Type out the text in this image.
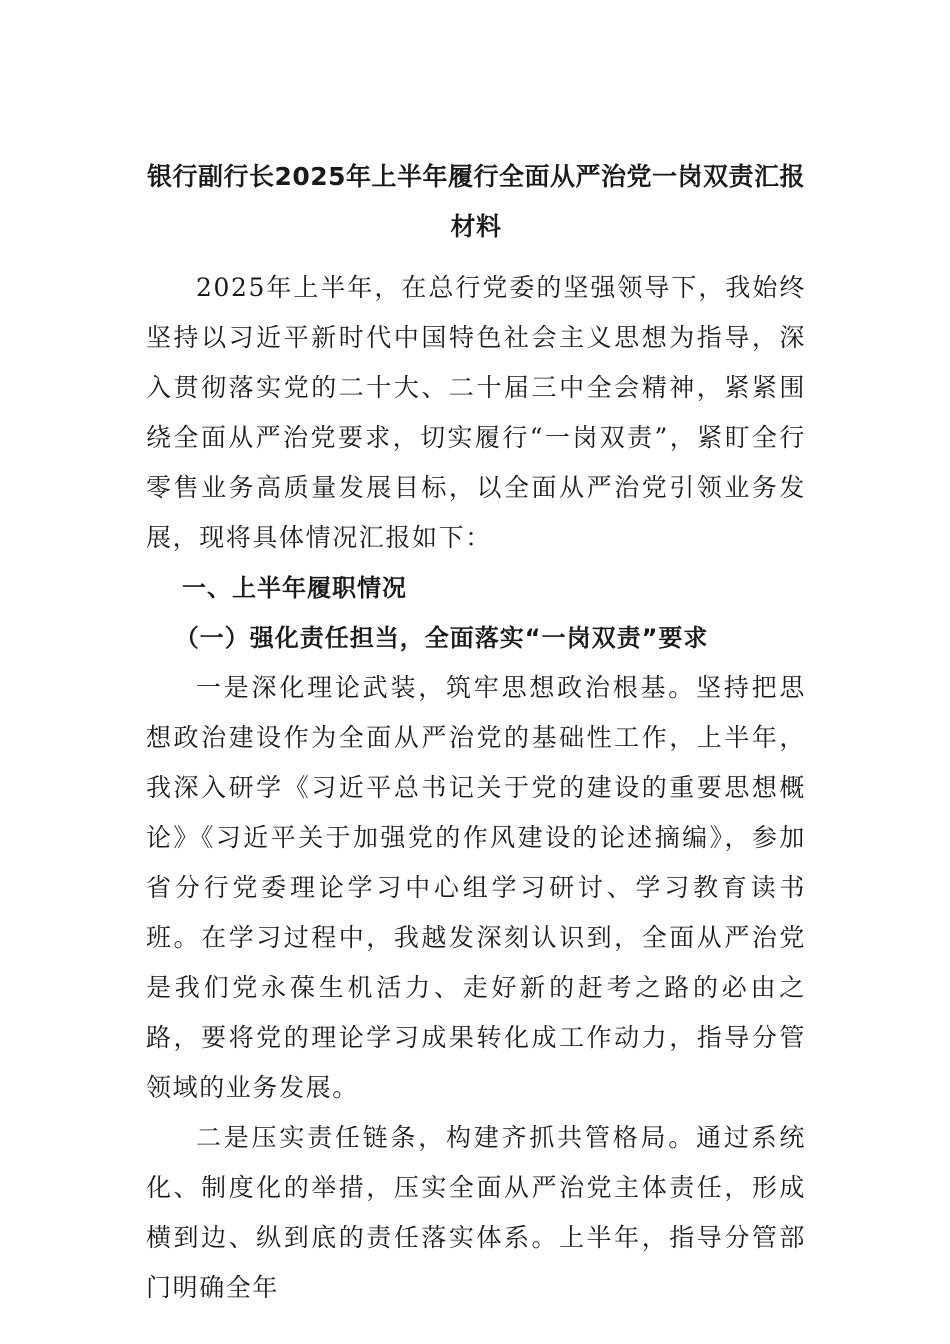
银行副行长2025年上半年履行全面从严治党一岗双责汇报
材料

2025年上半年，在总行党委的坚强领导下，我始终坚持以习近平新时代中国特色社会主义思想为指导，深入贯彻落实党的二十大、二十届三中全会精神，紧紧围绕全面从严治党要求，切实履行“一岗双责”，紧盯全行零售业务高质量发展目标，以全面从严治党引领业务发展，现将具体情况汇报如下：

一、上半年履职情况
（一）强化责任担当，全面落实“一岗双责”要求

一是深化理论武装，筑牢思想政治根基。坚持把思想政治建设作为全面从严治党的基础性工作，上半年，我深入研学《习近平总书记关于党的建设的重要思想概论》《习近平关于加强党的作风建设的论述摘编》，参加省分行党委理论学习中心组学习研讨、学习教育读书班。在学习过程中，我越发深刻认识到，全面从严治党是我们党永葆生机活力、走好新的赶考之路的必由之路，要将党的理论学习成果转化成工作动力，指导分管领域的业务发展。

二是压实责任链条，构建齐抓共管格局。通过系统化、制度化的举措，压实全面从严治党主体责任，形成横到边、纵到底的责任落实体系。上半年，指导分管部门明确全年
